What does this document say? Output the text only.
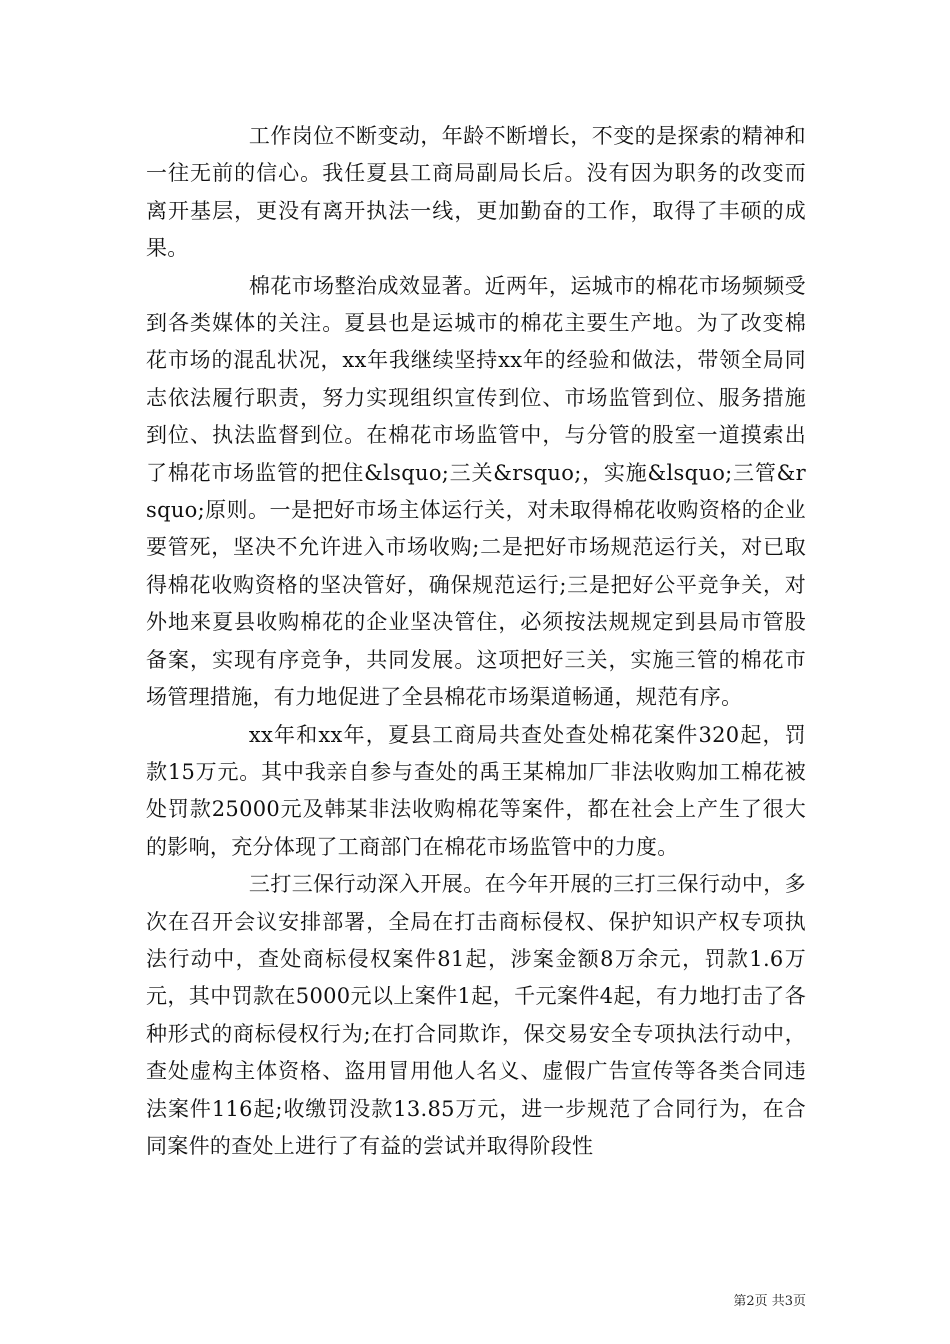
工作岗位不断变动，年龄不断增长，不变的是探索的精神和一往无前的信心。我任夏县工商局副局长后。没有因为职务的改变而离开基层，更没有离开执法一线，更加勤奋的工作，取得了丰硕的成果。

棉花市场整治成效显著。近两年，运城市的棉花市场频频受到各类媒体的关注。夏县也是运城市的棉花主要生产地。为了改变棉花市场的混乱状况，xx年我继续坚持xx年的经验和做法，带领全局同志依法履行职责，努力实现组织宣传到位、市场监管到位、服务措施到位、执法监督到位。在棉花市场监管中，与分管的股室一道摸索出了棉花市场监管的把住&lsquo;三关&rsquo;，实施&lsquo;三管&rsquo;原则。一是把好市场主体运行关，对未取得棉花收购资格的企业要管死，坚决不允许进入市场收购;二是把好市场规范运行关，对已取得棉花收购资格的坚决管好，确保规范运行;三是把好公平竞争关，对外地来夏县收购棉花的企业坚决管住，必须按法规规定到县局市管股备案，实现有序竞争，共同发展。这项把好三关，实施三管的棉花市场管理措施，有力地促进了全县棉花市场渠道畅通，规范有序。

xx年和xx年，夏县工商局共查处查处棉花案件320起，罚款15万元。其中我亲自参与查处的禹王某棉加厂非法收购加工棉花被处罚款25000元及韩某非法收购棉花等案件，都在社会上产生了很大的影响，充分体现了工商部门在棉花市场监管中的力度。

三打三保行动深入开展。在今年开展的三打三保行动中，多次在召开会议安排部署，全局在打击商标侵权、保护知识产权专项执法行动中，查处商标侵权案件81起，涉案金额8万余元，罚款1.6万元，其中罚款在5000元以上案件1起，千元案件4起，有力地打击了各种形式的商标侵权行为;在打合同欺诈，保交易安全专项执法行动中，查处虚构主体资格、盗用冒用他人名义、虚假广告宣传等各类合同违法案件116起;收缴罚没款13.85万元，进一步规范了合同行为，在合同案件的查处上进行了有益的尝试并取得阶段性

第2页 共3页
